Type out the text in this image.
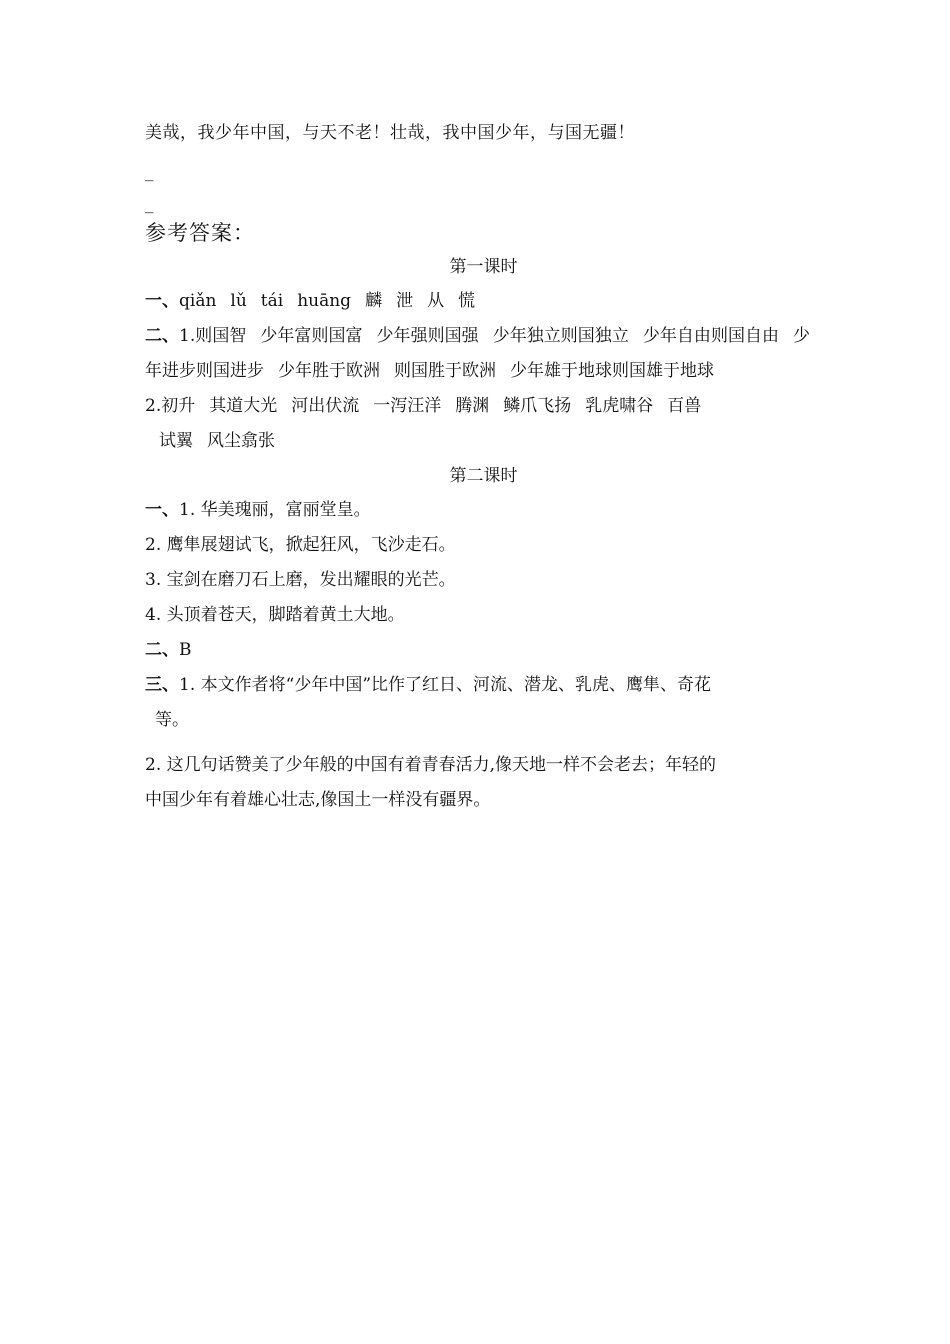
美哉，我少年中国，与天不老！壮哉，我中国少年，与国无疆！
_
_
参考答案：
第一课时
一、qiǎn lǔ tái huāng 麟 泄 从 慌
二、1.则国智 少年富则国富 少年强则国强 少年独立则国独立 少年自由则国自由 少年进步则国进步 少年胜于欧洲 则国胜于欧洲 少年雄于地球则国雄于地球
2.初升 其道大光 河出伏流 一泻汪洋 腾渊 鳞爪飞扬 乳虎啸谷 百兽
试翼 风尘翕张
第二课时
一、1. 华美瑰丽，富丽堂皇。
2. 鹰隼展翅试飞，掀起狂风，飞沙走石。
3. 宝剑在磨刀石上磨，发出耀眼的光芒。
4. 头顶着苍天，脚踏着黄土大地。
二、B
三、1. 本文作者将“少年中国”比作了红日、河流、潜龙、乳虎、鹰隼、奇花
等。
2. 这几句话赞美了少年般的中国有着青春活力,像天地一样不会老去；年轻的
中国少年有着雄心壮志,像国土一样没有疆界。
